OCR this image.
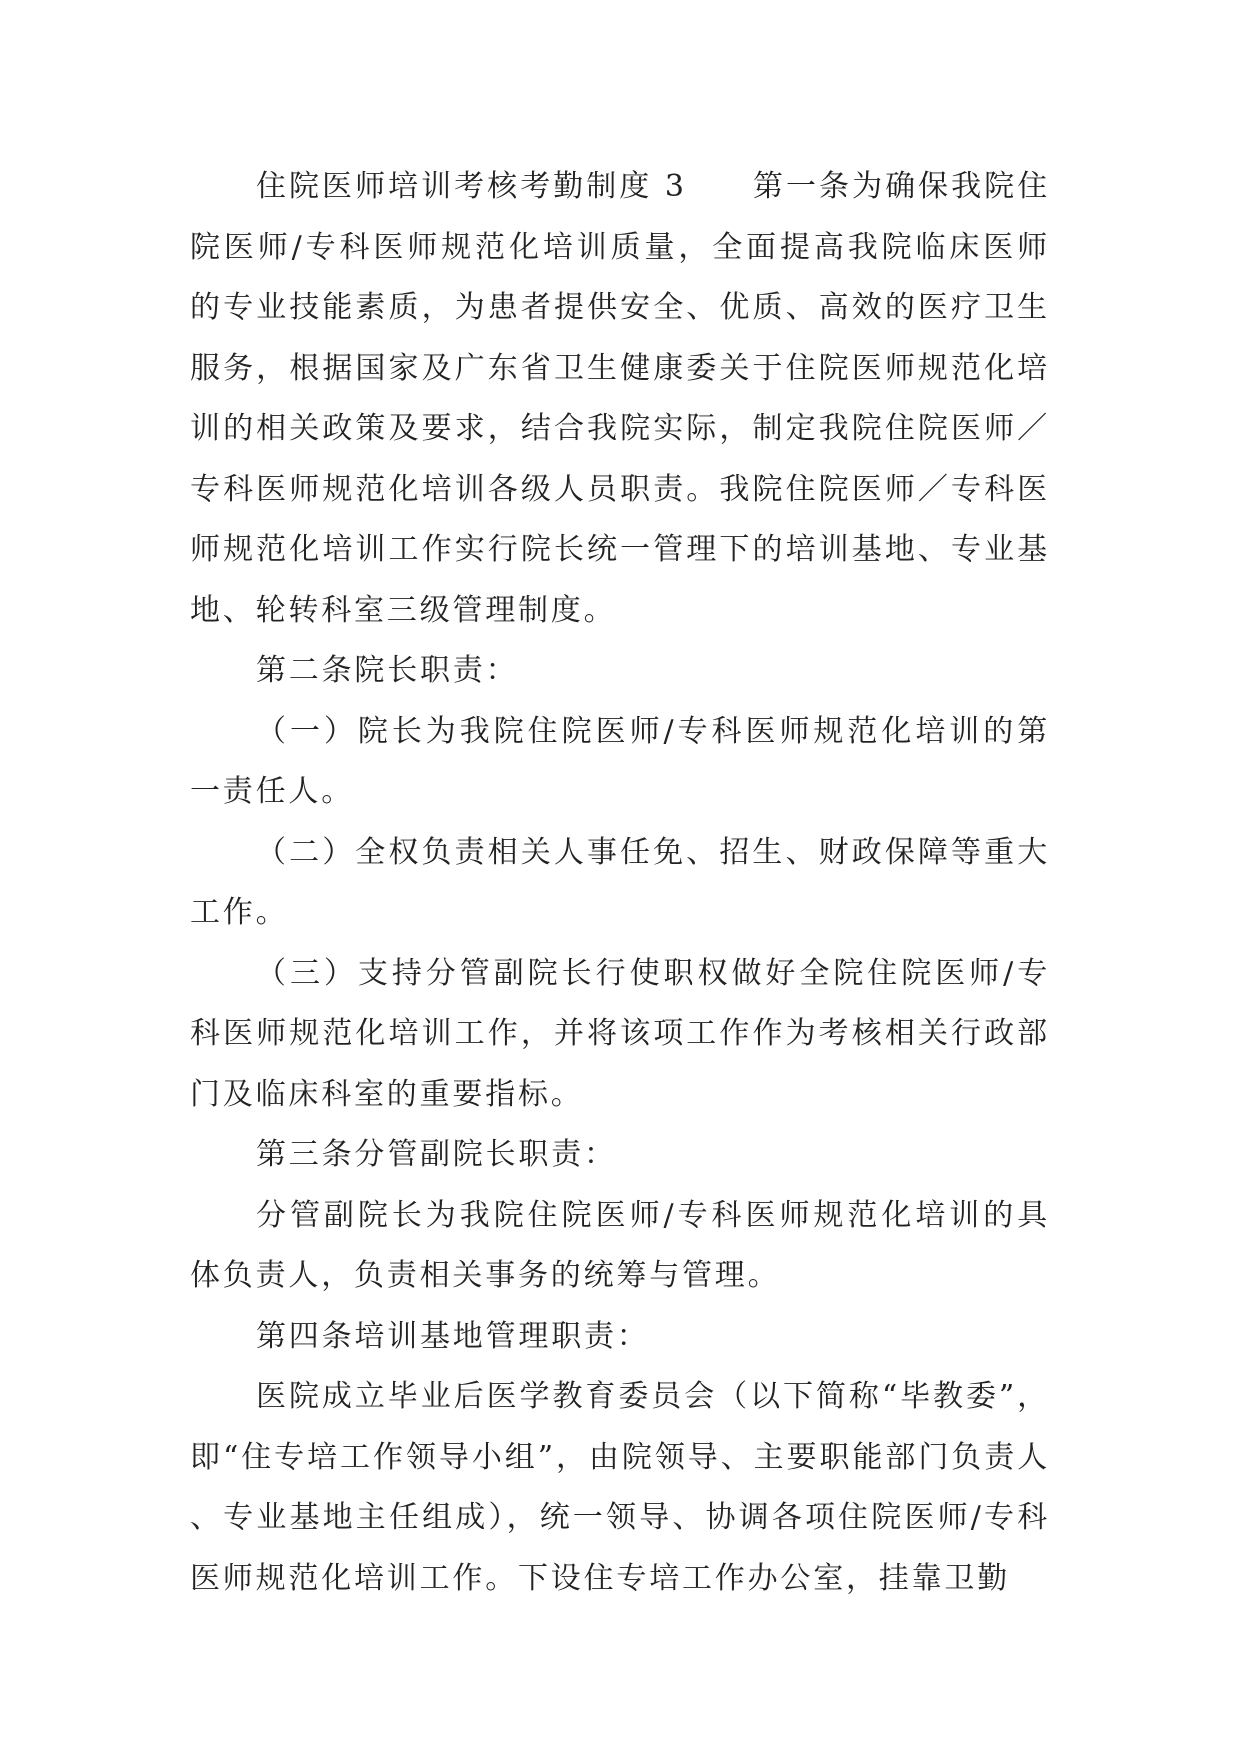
住院医师培训考核考勤制度 3　　第一条为确保我院住院医师/专科医师规范化培训质量，全面提高我院临床医师的专业技能素质，为患者提供安全、优质、高效的医疗卫生服务，根据国家及广东省卫生健康委关于住院医师规范化培训的相关政策及要求，结合我院实际，制定我院住院医师／专科医师规范化培训各级人员职责。我院住院医师／专科医师规范化培训工作实行院长统一管理下的培训基地、专业基地、轮转科室三级管理制度。

第二条院长职责：

（一）院长为我院住院医师/专科医师规范化培训的第一责任人。

（二）全权负责相关人事任免、招生、财政保障等重大工作。

（三）支持分管副院长行使职权做好全院住院医师/专科医师规范化培训工作，并将该项工作作为考核相关行政部门及临床科室的重要指标。

第三条分管副院长职责：

分管副院长为我院住院医师/专科医师规范化培训的具体负责人，负责相关事务的统筹与管理。

第四条培训基地管理职责：

医院成立毕业后医学教育委员会（以下简称“毕教委”，即“住专培工作领导小组”，由院领导、主要职能部门负责人、专业基地主任组成），统一领导、协调各项住院医师/专科医师规范化培训工作。下设住专培工作办公室，挂靠卫勤
